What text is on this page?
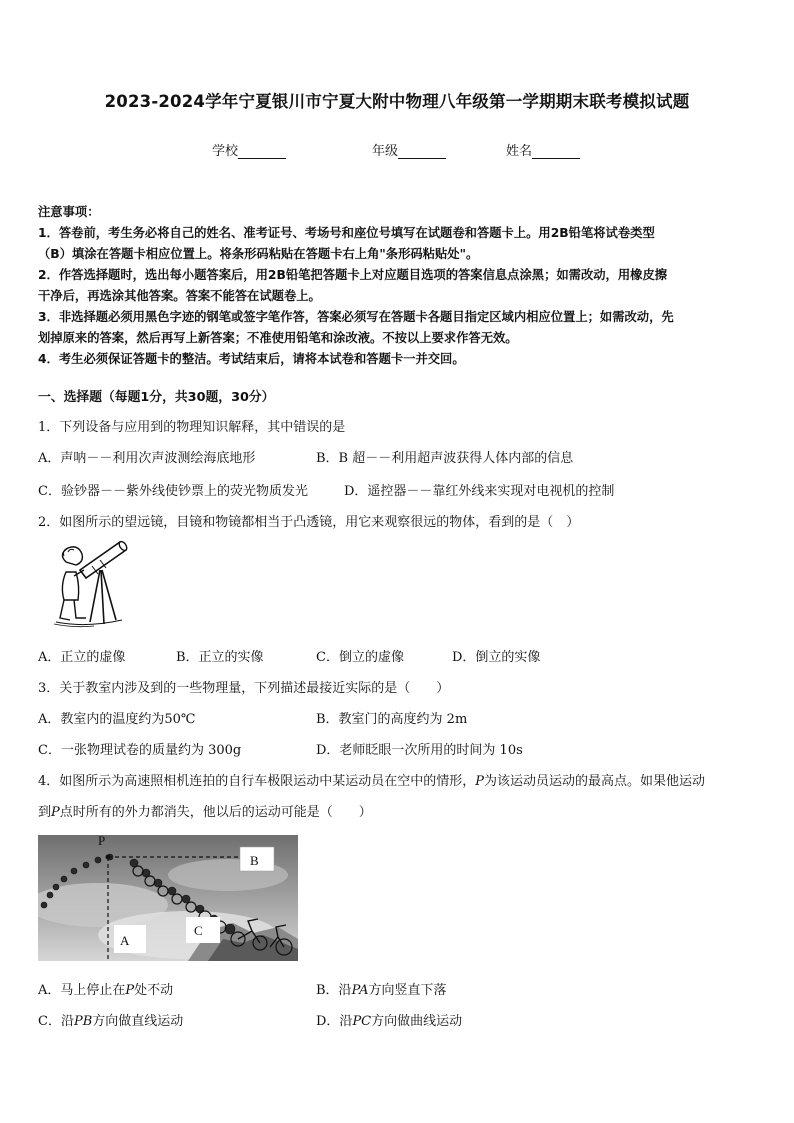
2023-2024学年宁夏银川市宁夏大附中物理八年级第一学期期末联考模拟试题
学校	年级	姓名

注意事项：

1．答卷前，考生务必将自己的姓名、准考证号、考场号和座位号填写在试题卷和答题卡上。用2B铅笔将试卷类型

（B）填涂在答题卡相应位置上。将条形码粘贴在答题卡右上角"条形码粘贴处"。

2．作答选择题时，选出每小题答案后，用2B铅笔把答题卡上对应题目选项的答案信息点涂黑；如需改动，用橡皮擦

干净后，再选涂其他答案。答案不能答在试题卷上。

3．非选择题必须用黑色字迹的钢笔或签字笔作答，答案必须写在答题卡各题目指定区域内相应位置上；如需改动，先

划掉原来的答案，然后再写上新答案；不准使用铅笔和涂改液。不按以上要求作答无效。

4．考生必须保证答题卡的整洁。考试结束后，请将本试卷和答题卡一并交回。

一、选择题（每题1分，共30题，30分）
1．下列设备与应用到的物理知识解释，其中错误的是
A．声呐－－利用次声波测绘海底地形	B．B 超－－利用超声波获得人体内部的信息
C．验钞器－－紫外线使钞票上的荧光物质发光	D．遥控器－－靠红外线来实现对电视机的控制
2．如图所示的望远镜，目镜和物镜都相当于凸透镜，用它来观察很远的物体，看到的是（　）
A．正立的虚像	B．正立的实像	C．倒立的虚像	D．倒立的实像
3．关于教室内涉及到的一些物理量，下列描述最接近实际的是（　　）
A．教室内的温度约为50℃	B．教室门的高度约为 2m
C．一张物理试卷的质量约为 300g	D．老师眨眼一次所用的时间为 10s
4．如图所示为高速照相机连拍的自行车极限运动中某运动员在空中的情形，P为该运动员运动的最高点。如果他运动
到P点时所有的外力都消失，他以后的运动可能是（　　）
P
B
A
C
A．马上停止在P处不动	B．沿PA方向竖直下落
C．沿PB方向做直线运动	D．沿PC方向做曲线运动
